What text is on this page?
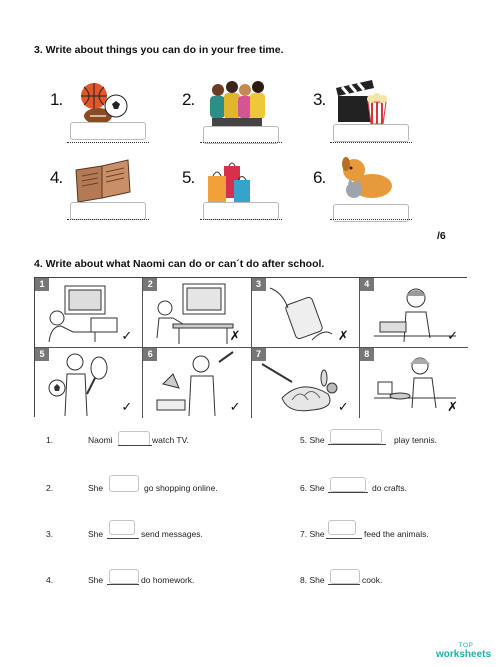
3. Write about things you can do in your free time.
1.	2.	3.
4.	5.	6.
/6
4. Write about what Naomi can do or can´t do after school.
1
✓
2
✗
3
✗
4
✓
5
✓
6
✓
7
✓
8
✗
1.	Naomi	watch TV.
2.	She	go shopping online.
3.	She	send messages.
4.	She	do homework.
5. She	play tennis.
6. She	do crafts.
7. She	feed the animals.
8. She	cook.
TOP
worksheets
